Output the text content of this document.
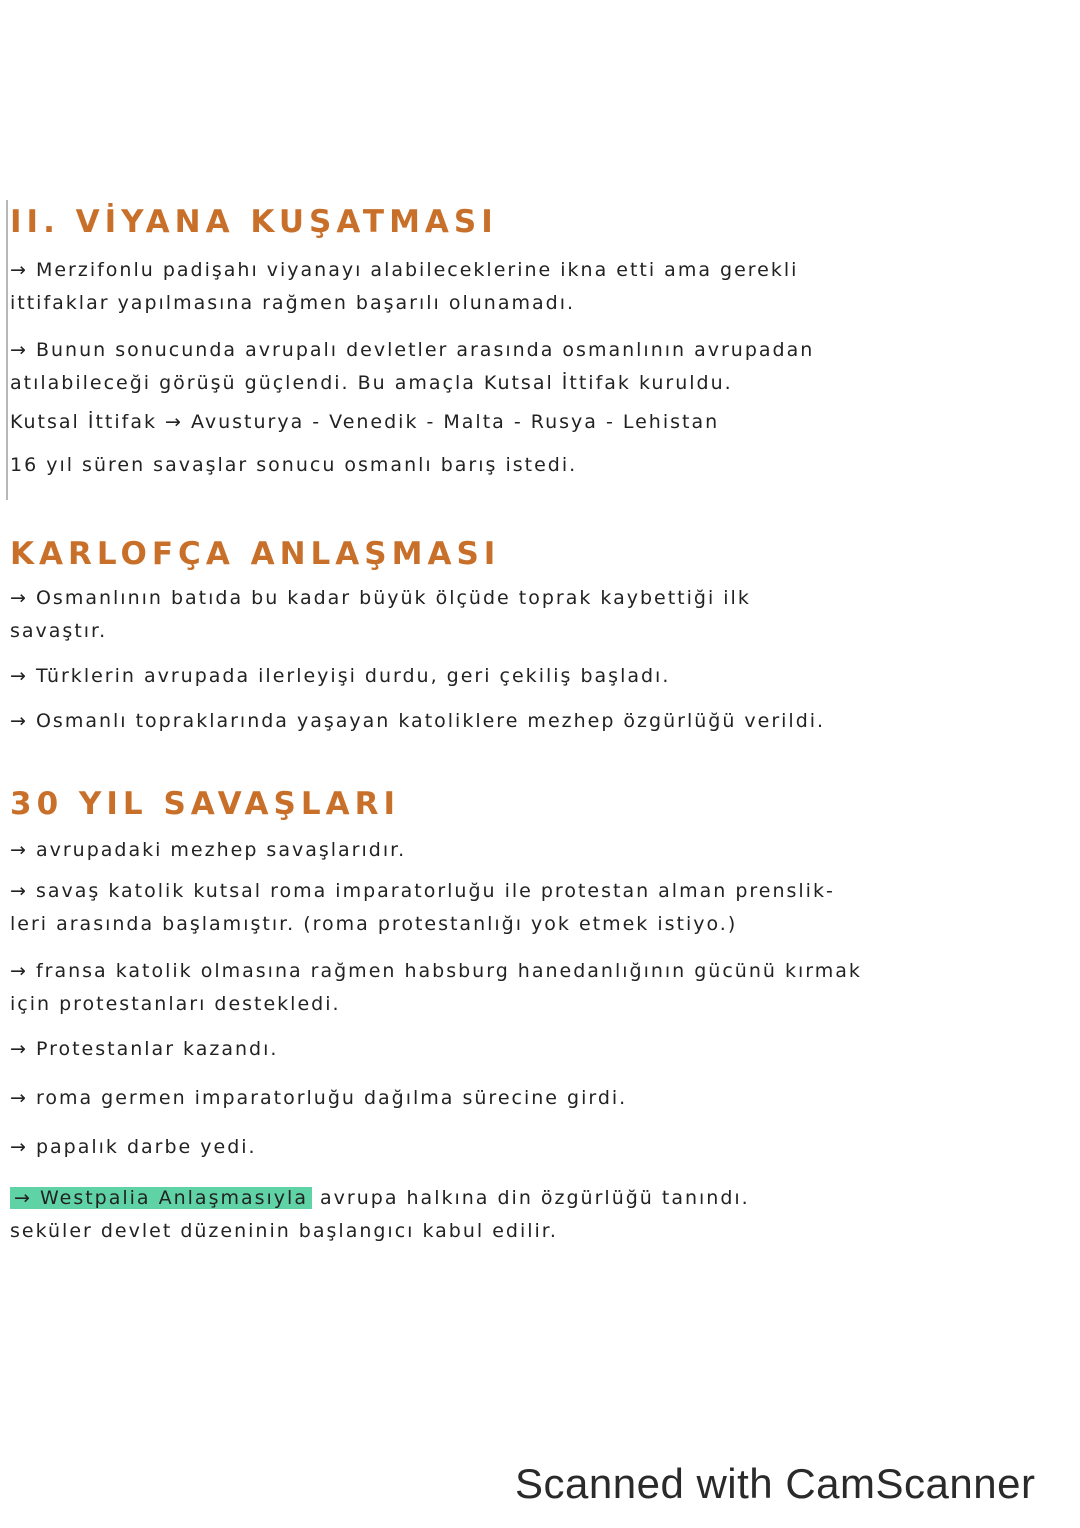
II. VİYANA KUŞATMASI

→ Merzifonlu padişahı viyanayı alabileceklerine ikna etti ama gerekli

ittifaklar yapılmasına rağmen başarılı olunamadı.

→ Bunun sonucunda avrupalı devletler arasında osmanlının avrupadan

atılabileceği görüşü güçlendi. Bu amaçla Kutsal İttifak kuruldu.

Kutsal İttifak → Avusturya - Venedik - Malta - Rusya - Lehistan

16 yıl süren savaşlar sonucu osmanlı barış istedi.

KARLOFÇA ANLAŞMASI

→ Osmanlının batıda bu kadar büyük ölçüde toprak kaybettiği ilk

savaştır.

→ Türklerin avrupada ilerleyişi durdu, geri çekiliş başladı.

→ Osmanlı topraklarında yaşayan katoliklere mezhep özgürlüğü verildi.

30 YIL SAVAŞLARI

→ avrupadaki mezhep savaşlarıdır.

→ savaş katolik kutsal roma imparatorluğu ile protestan alman prenslik-

leri arasında başlamıştır. (roma protestanlığı yok etmek istiyo.)

→ fransa katolik olmasına rağmen habsburg hanedanlığının gücünü kırmak

için protestanları destekledi.

→ Protestanlar kazandı.

→ roma germen imparatorluğu dağılma sürecine girdi.

→ papalık darbe yedi.

→ Westpalia Anlaşmasıyla avrupa halkına din özgürlüğü tanındı.

seküler devlet düzeninin başlangıcı kabul edilir.

Scanned with CamScanner
